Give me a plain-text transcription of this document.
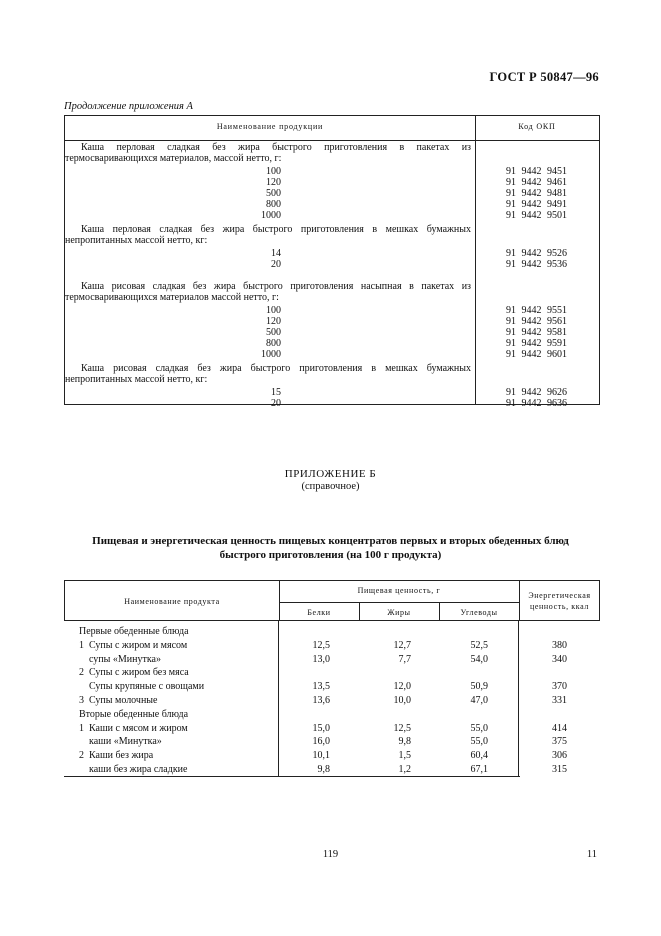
ГОСТ Р 50847—96
Продолжение приложения А
Наименование продукции	Код ОКП
Каша перловая сладкая без жира быстрого приготовления в пакетах из
термосваривающихся материалов, массой нетто, г:
100	91 9442 9451
120	91 9442 9461
500	91 9442 9481
800	91 9442 9491
1000	91 9442 9501
Каша перловая сладкая без жира быстрого приготовления в мешках бумажных
непропитанных массой нетто, кг:
14	91 9442 9526
20	91 9442 9536
Каша рисовая сладкая без жира быстрого приготовления насыпная в пакетах из
термосваривающихся материалов массой нетто, г:
100	91 9442 9551
120	91 9442 9561
500	91 9442 9581
800	91 9442 9591
1000	91 9442 9601
Каша рисовая сладкая без жира быстрого приготовления в мешках бумажных
непропитанных массой нетто, кг:
15	91 9442 9626
20	91 9442 9636
ПРИЛОЖЕНИЕ Б
(справочное)
Пищевая и энергетическая ценность пищевых концентратов первых и вторых обеденных блюд
быстрого приготовления (на 100 г продукта)
Наименование продукта
Пищевая ценность, г
Белки	Жиры	Углеводы
Энергетическая
ценность, ккал
Первые обеденные блюда
1  Супы с жиром и мясом	12,5	12,7	52,5	380
супы «Минутка»	13,0	7,7	54,0	340
2  Супы с жиром без мяса
Супы крупяные с овощами	13,5	12,0	50,9	370
3  Супы молочные	13,6	10,0	47,0	331
Вторые обеденные блюда
1  Каши с мясом и жиром	15,0	12,5	55,0	414
каши «Минутка»	16,0	9,8	55,0	375
2  Каши без жира	10,1	1,5	60,4	306
каши без жира сладкие	9,8	1,2	67,1	315
119	11
